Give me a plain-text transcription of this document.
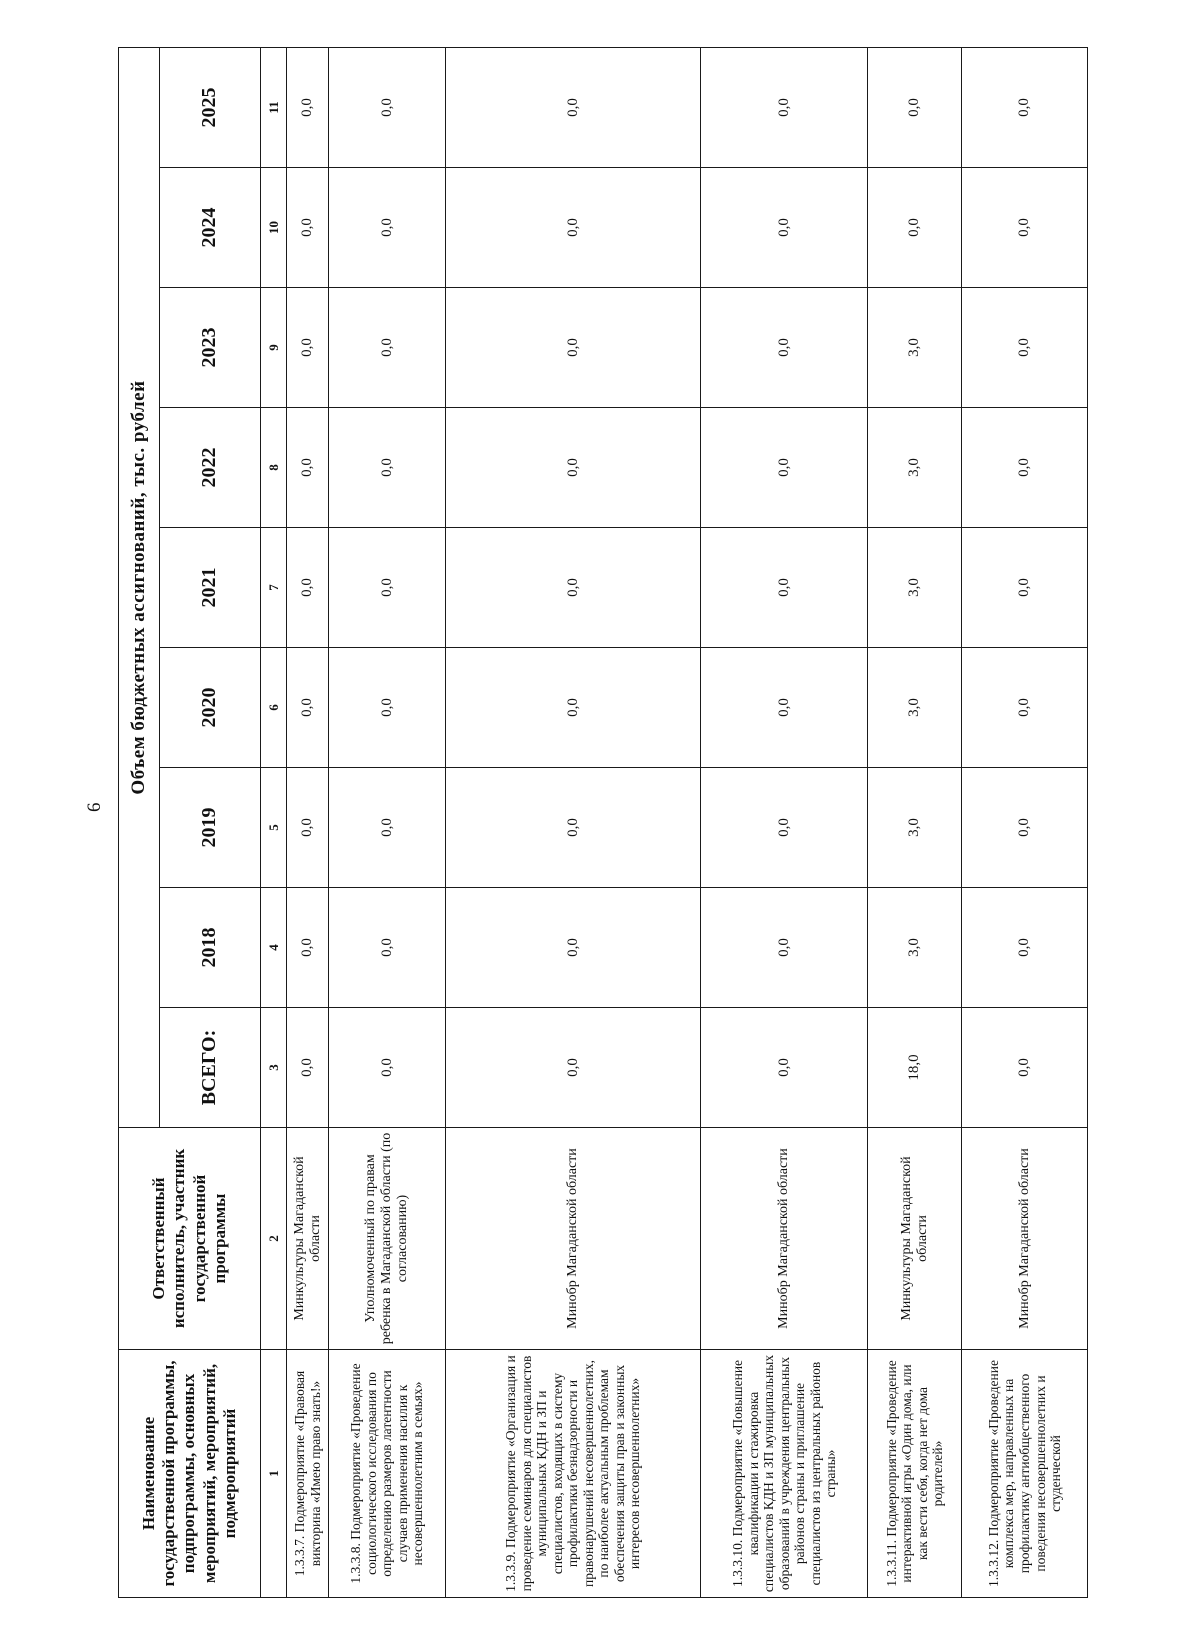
6
Наименование государственной программы, подпрограммы, основных мероприятий, мероприятий, подмероприятий	Ответственный исполнитель, участник государственной программы	Объем бюджетных ассигнований, тыс. рублей								
		ВСЕГО:	2018	2019	2020	2021	2022	2023	2024	2025
1	2	3	4	5	6	7	8	9	10	11
1.3.3.7. Подмероприятие «Правовая викторина «Имею право знать!»	Минкультуры Магаданской области	0,0	0,0	0,0	0,0	0,0	0,0	0,0	0,0	0,0
1.3.3.8. Подмероприятие «Проведение социологического исследования по определению размеров латентности случаев применения насилия к несовершеннолетним в семьях»	Уполномоченный по правам ребенка в Магаданской области (по согласованию)	0,0	0,0	0,0	0,0	0,0	0,0	0,0	0,0	0,0
1.3.3.9. Подмероприятие «Организация и проведение семинаров для специалистов муниципальных КДН и ЗП и специалистов, входящих в систему профилактики безнадзорности и правонарушений несовершеннолетних, по наиболее актуальным проблемам обеспечения защиты прав и законных интересов несовершеннолетних»	Минобр Магаданской области	0,0	0,0	0,0	0,0	0,0	0,0	0,0	0,0	0,0
1.3.3.10. Подмероприятие «Повышение квалификации и стажировка специалистов КДН и ЗП муниципальных образований в учреждения центральных районов страны и приглашение специалистов из центральных районов страны»	Минобр Магаданской области	0,0	0,0	0,0	0,0	0,0	0,0	0,0	0,0	0,0
1.3.3.11. Подмероприятие «Проведение интерактивной игры «Один дома, или как вести себя, когда нет дома родителей»	Минкультуры Магаданской области	18,0	3,0	3,0	3,0	3,0	3,0	3,0	0,0	0,0
1.3.3.12. Подмероприятие «Проведение комплекса мер, направленных на профилактику антиобщественного поведения несовершеннолетних и студенческой	Минобр Магаданской области	0,0	0,0	0,0	0,0	0,0	0,0	0,0	0,0	0,0
